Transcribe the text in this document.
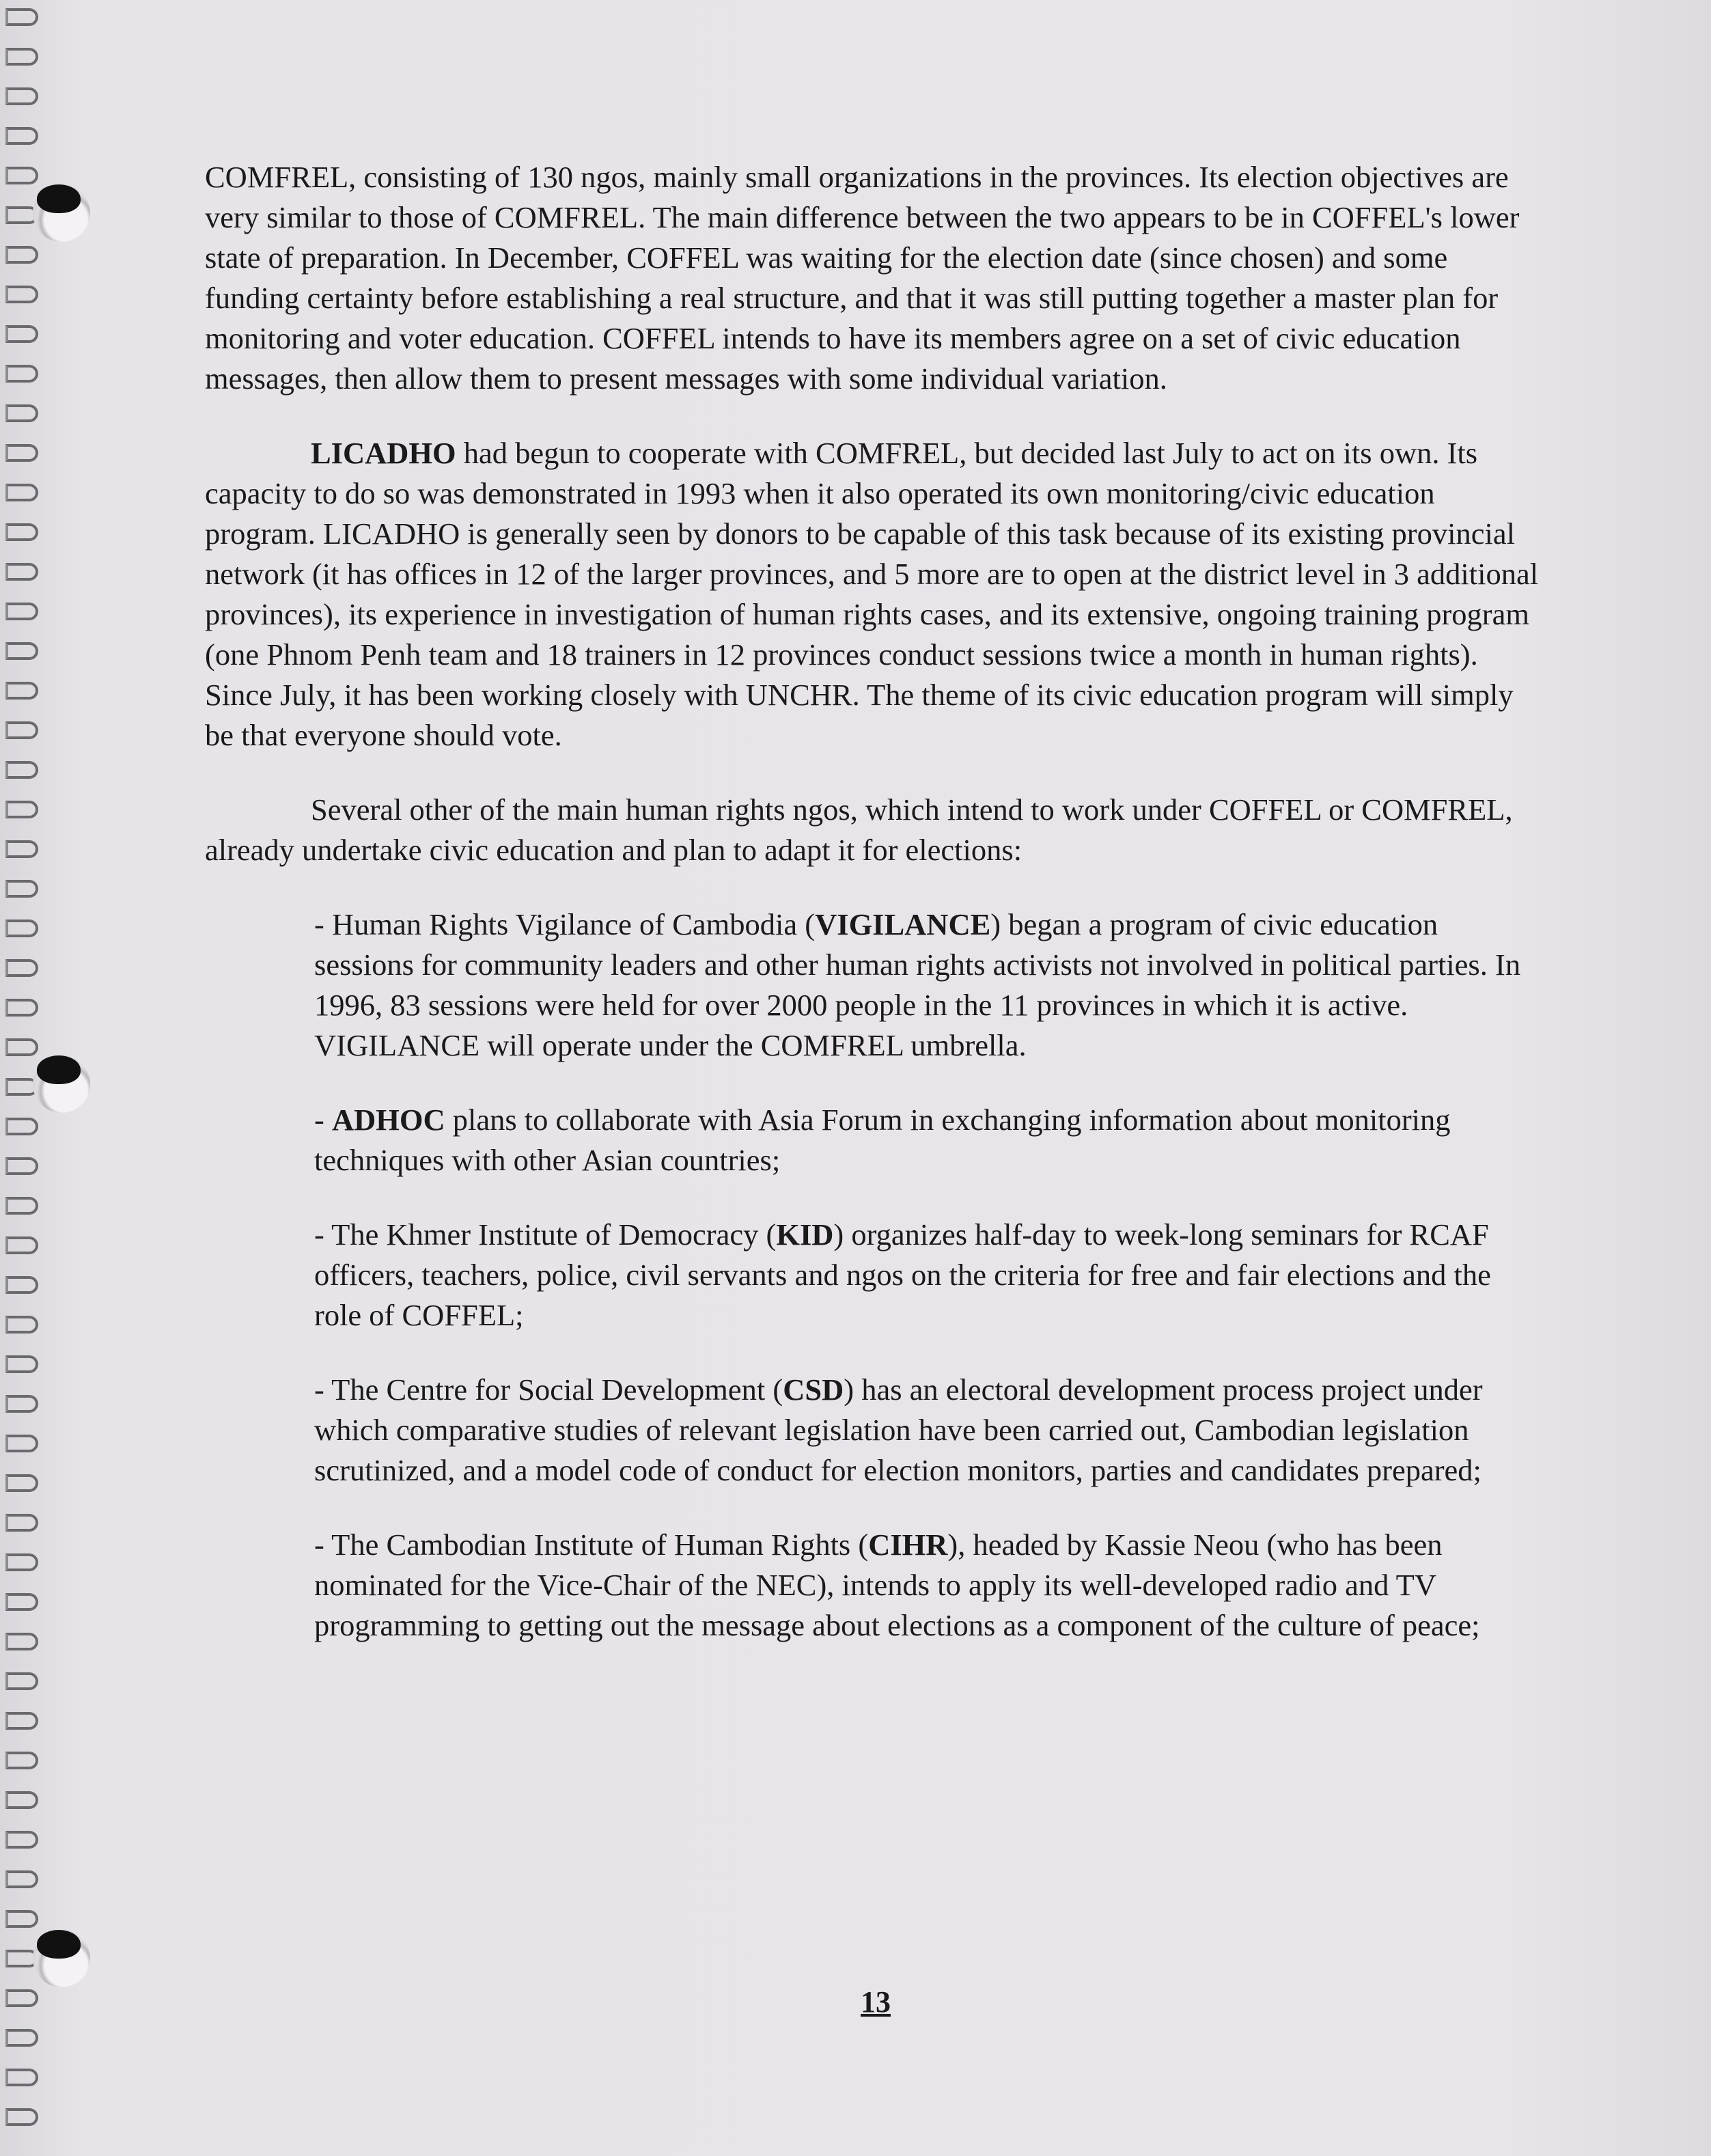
COMFREL, consisting of 130 ngos, mainly small organizations in the provinces. Its election objectives are very similar to those of COMFREL. The main difference between the two appears to be in COFFEL's lower state of preparation. In December, COFFEL was waiting for the election date (since chosen) and some funding certainty before establishing a real structure, and that it was still putting together a master plan for monitoring and voter education. COFFEL intends to have its members agree on a set of civic education messages, then allow them to present messages with some individual variation.

LICADHO had begun to cooperate with COMFREL, but decided last July to act on its own. Its capacity to do so was demonstrated in 1993 when it also operated its own monitoring/civic education program. LICADHO is generally seen by donors to be capable of this task because of its existing provincial network (it has offices in 12 of the larger provinces, and 5 more are to open at the district level in 3 additional provinces), its experience in investigation of human rights cases, and its extensive, ongoing training program (one Phnom Penh team and 18 trainers in 12 provinces conduct sessions twice a month in human rights). Since July, it has been working closely with UNCHR. The theme of its civic education program will simply be that everyone should vote.

Several other of the main human rights ngos, which intend to work under COFFEL or COMFREL, already undertake civic education and plan to adapt it for elections:

- Human Rights Vigilance of Cambodia (VIGILANCE) began a program of civic education sessions for community leaders and other human rights activists not involved in political parties. In 1996, 83 sessions were held for over 2000 people in the 11 provinces in which it is active. VIGILANCE will operate under the COMFREL umbrella.

- ADHOC plans to collaborate with Asia Forum in exchanging information about monitoring techniques with other Asian countries;

- The Khmer Institute of Democracy (KID) organizes half-day to week-long seminars for RCAF officers, teachers, police, civil servants and ngos on the criteria for free and fair elections and the role of COFFEL;

- The Centre for Social Development (CSD) has an electoral development process project under which comparative studies of relevant legislation have been carried out, Cambodian legislation scrutinized, and a model code of conduct for election monitors, parties and candidates prepared;

- The Cambodian Institute of Human Rights (CIHR), headed by Kassie Neou (who has been nominated for the Vice-Chair of the NEC), intends to apply its well-developed radio and TV programming to getting out the message about elections as a component of the culture of peace;

13
